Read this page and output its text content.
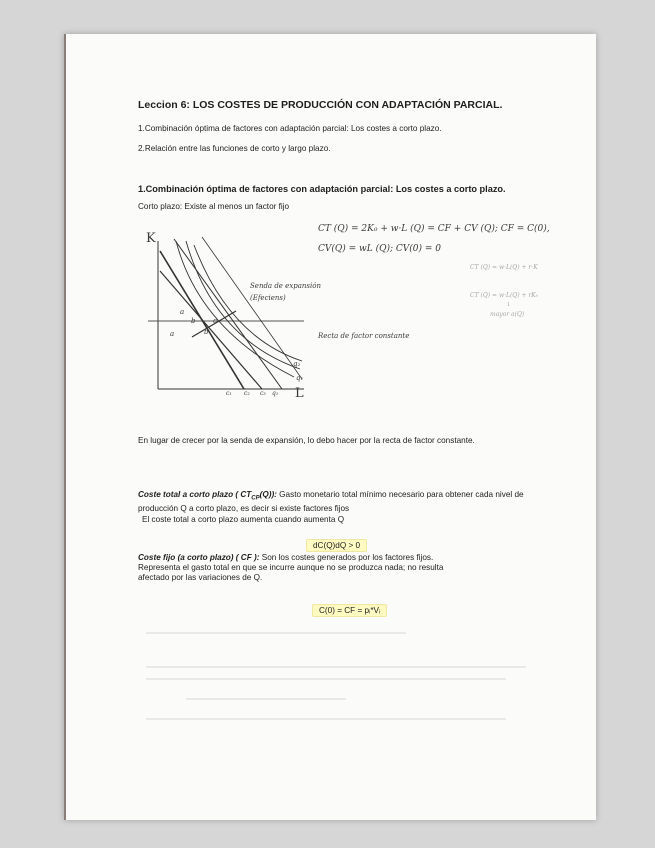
Leccion 6: LOS COSTES DE PRODUCCIÓN CON ADAPTACIÓN PARCIAL.

1.Combinación óptima de factores con adaptación parcial: Los costes a corto plazo.

2.Relación entre las funciones de corto y largo plazo.

1.Combinación óptima de factores con adaptación parcial: Los costes a corto plazo.

Corto plazo: Existe al menos un factor fijo

K
L
a
b	c
a	b
q₂
q₁
c₁ c₂ c₃ q₁
CT (Q) = 2K₀ + w·L (Q) = CF + CV (Q); CF = C(0),
CV(Q) = wL (Q); CV(0) = 0
Senda de expansión
(Efeciens)
Recta de factor constante
CT (Q) = w·L(Q) + r·K
CT (Q) = w·L(Q) + rK₀
↓
mayor a(Q)

En lugar de crecer por la senda de expansión, lo debo hacer por la recta de factor constante.

Coste total a corto plazo ( $CT_{CP}(Q)$): Gasto monetario total mínimo necesario para obtener cada nivel de producción Q a corto plazo, es decir si existe factores fijos

El coste total a corto plazo aumenta cuando aumenta Q

dC(Q)dQ > 0

Coste fijo (a corto plazo) ( CF ): Son los costes generados por los factores fijos.

Representa el gasto total en que se incurre aunque no se produzca nada; no resulta afectado por las variaciones de Q.

C(0) = CF = pᵢ*Vᵢ
